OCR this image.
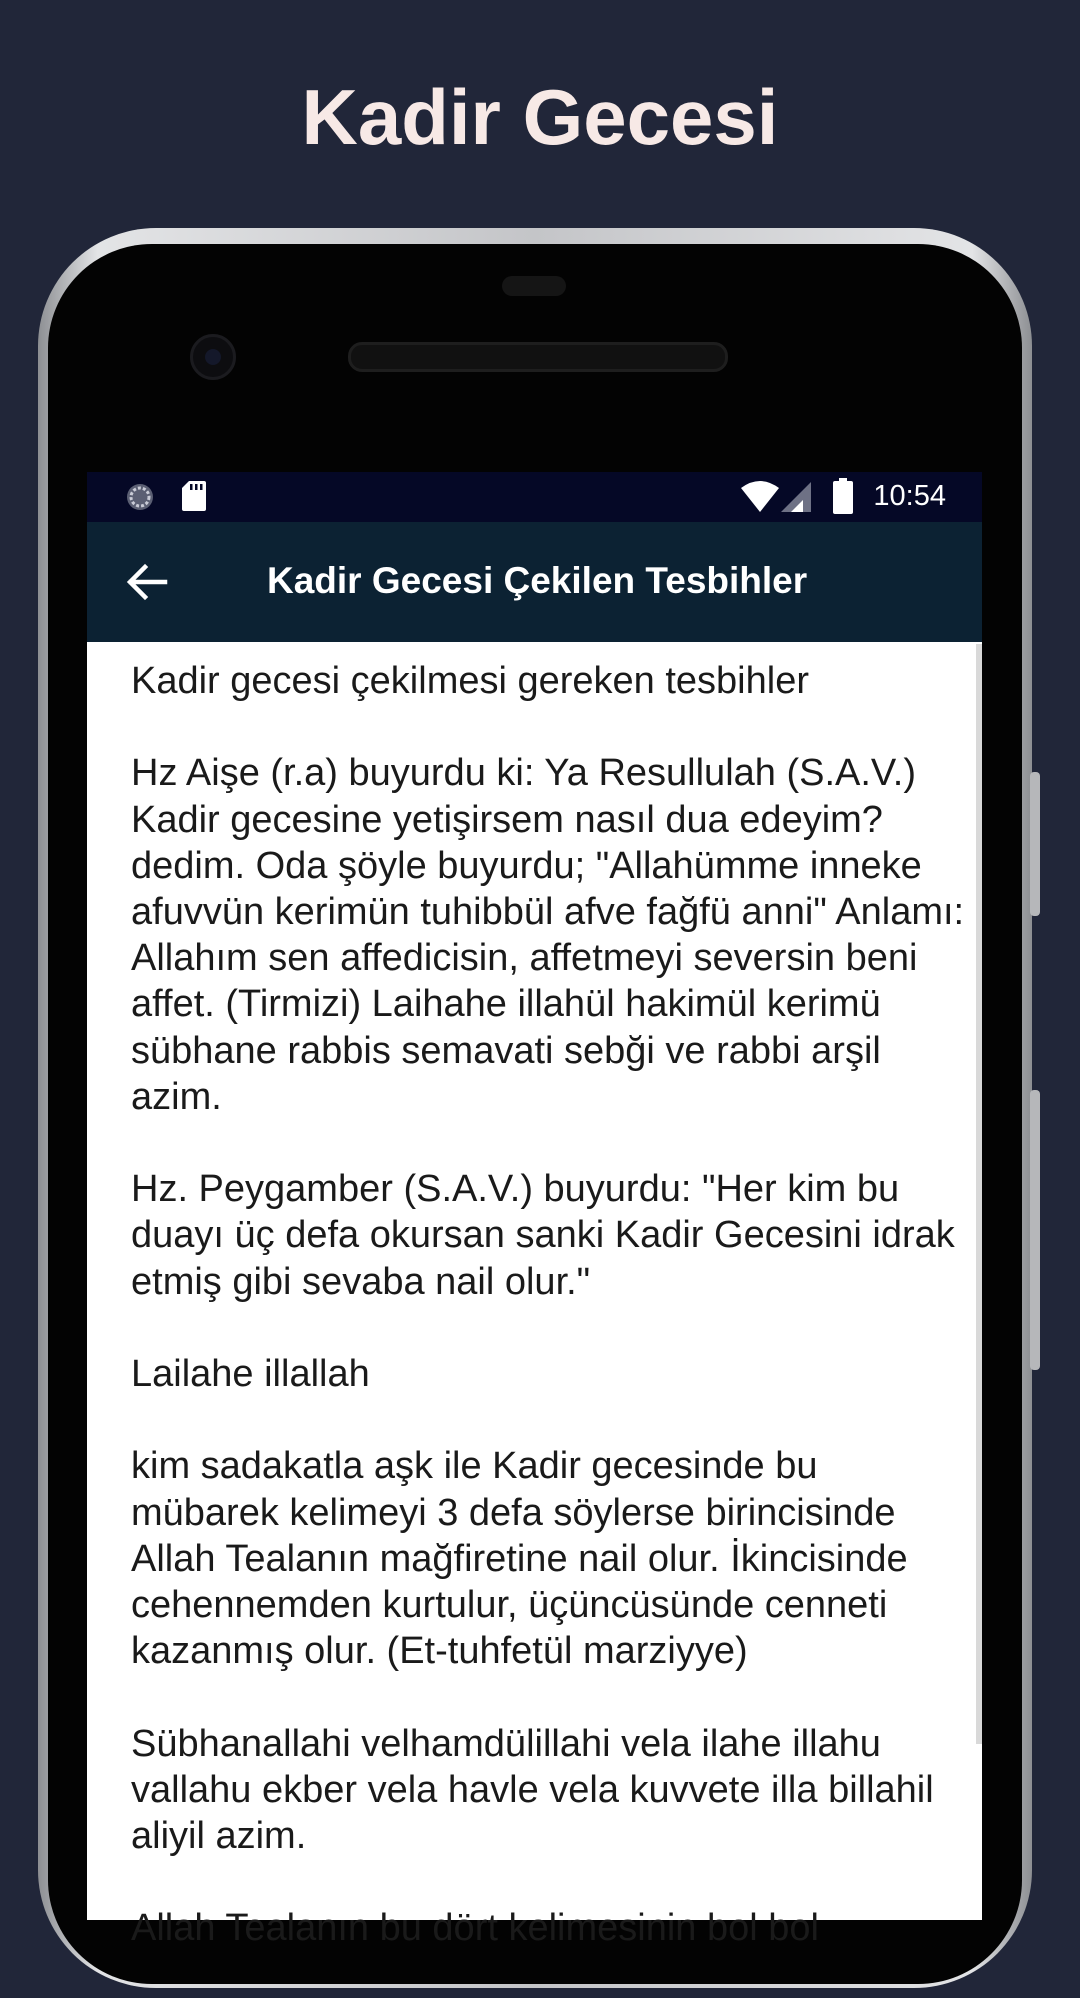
Kadir Gecesi
10:54
Kadir Gecesi Çekilen Tesbihler

Kadir gecesi çekilmesi gereken tesbihler

Hz Aişe (r.a) buyurdu ki: Ya Resullulah (S.A.V.) Kadir gecesine yetişirsem nasıl dua edeyim? dedim. Oda şöyle buyurdu; "Allahümme inneke afuvvün kerimün tuhibbül afve fağfü anni" Anlamı: Allahım sen affedicisin, affetmeyi seversin beni affet. (Tirmizi) Laihahe illahül hakimül kerimü sübhane rabbis semavati sebği ve rabbi arşil azim.

Hz. Peygamber (S.A.V.) buyurdu: "Her kim bu duayı üç defa okursan sanki Kadir Gecesini idrak etmiş gibi sevaba nail olur."

Lailahe illallah

kim sadakatla aşk ile Kadir gecesinde bu mübarek kelimeyi 3 defa söylerse birincisinde Allah Tealanın mağfiretine nail olur. İkincisinde cehennemden kurtulur, üçüncüsünde cenneti kazanmış olur. (Et-tuhfetül marziyye)

Sübhanallahi velhamdülillahi vela ilahe illahu vallahu ekber vela havle vela kuvvete illa billahil aliyil azim.

Allah Tealanın bu dört kelimesinin bol bol
